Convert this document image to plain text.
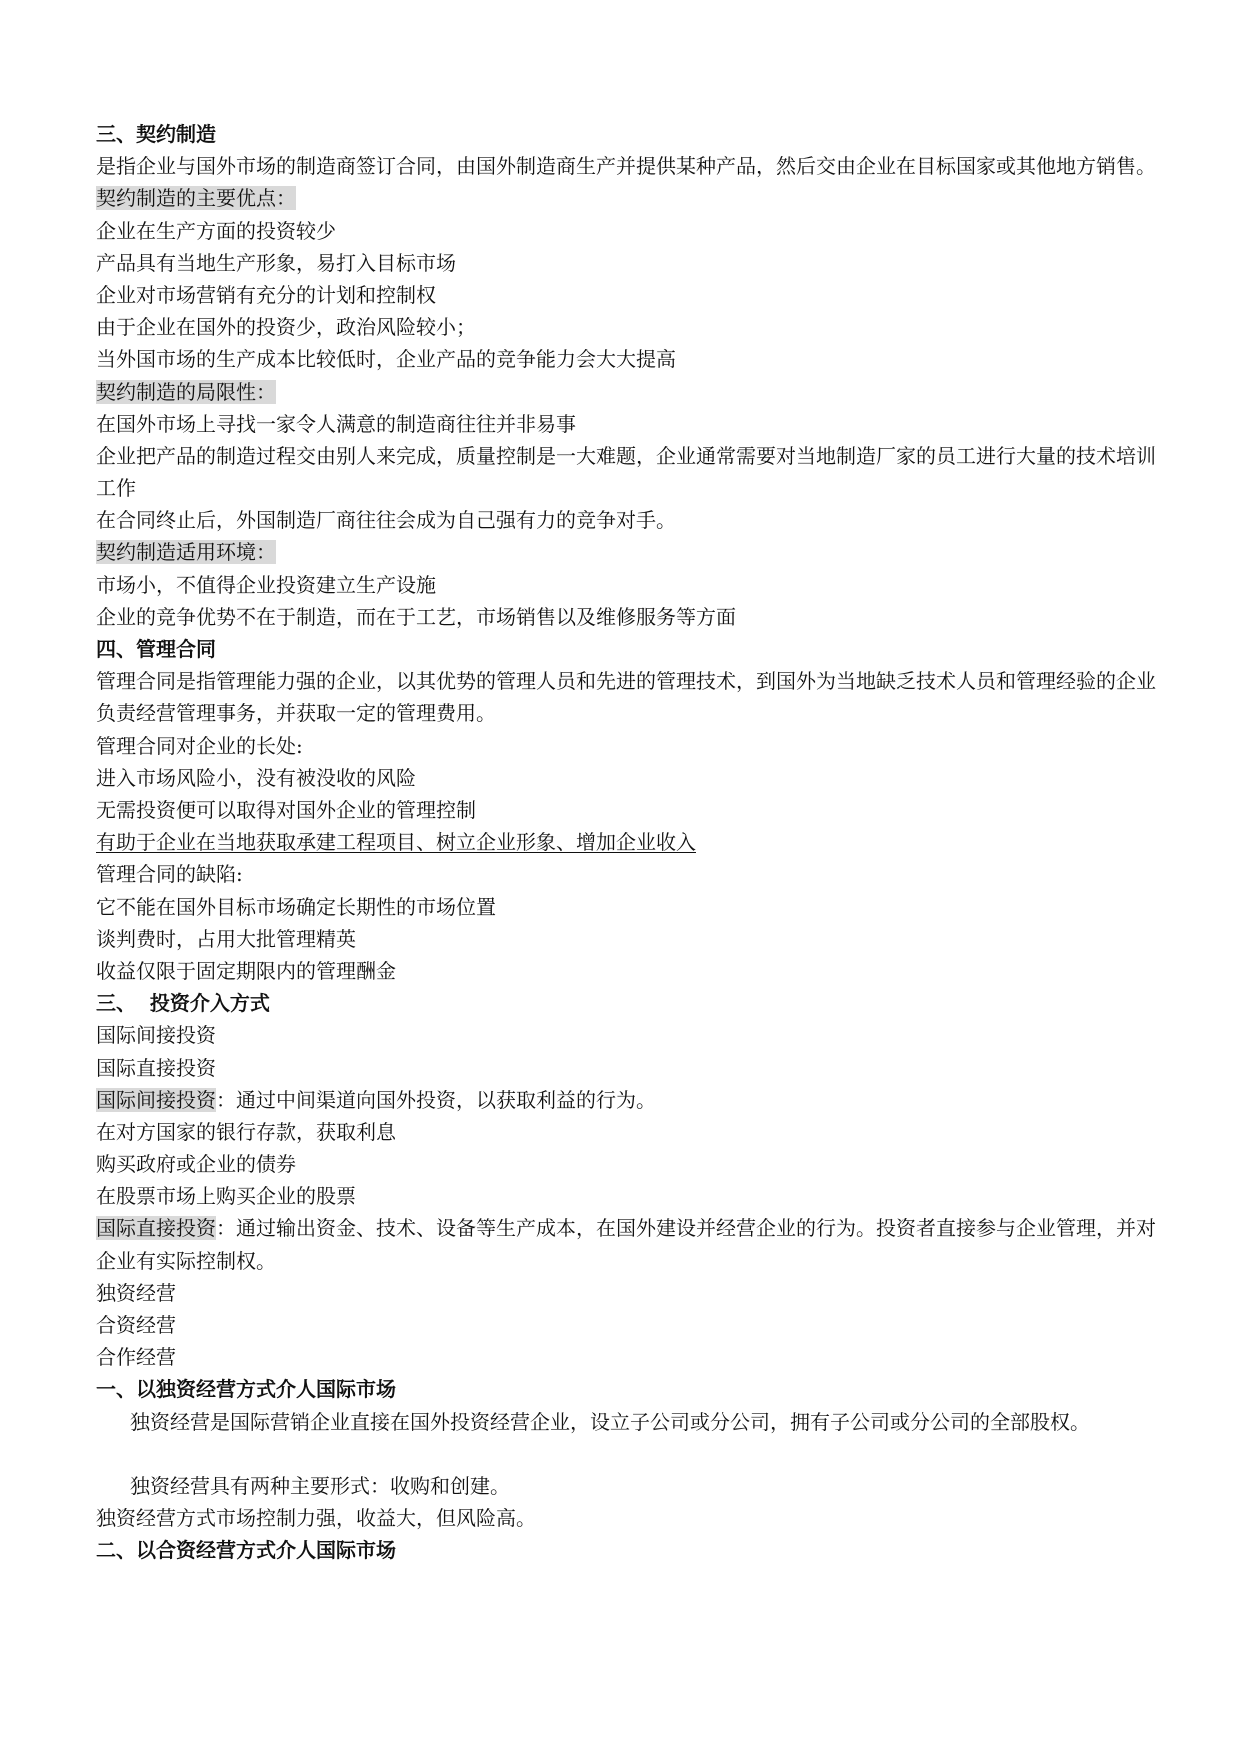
三、契约制造
是指企业与国外市场的制造商签订合同，由国外制造商生产并提供某种产品，然后交由企业在目标国家或其他地方销售。
契约制造的主要优点：
企业在生产方面的投资较少
产品具有当地生产形象，易打入目标市场
企业对市场营销有充分的计划和控制权
由于企业在国外的投资少，政治风险较小；
当外国市场的生产成本比较低时，企业产品的竞争能力会大大提高
契约制造的局限性：
在国外市场上寻找一家令人满意的制造商往往并非易事
企业把产品的制造过程交由别人来完成，质量控制是一大难题，企业通常需要对当地制造厂家的员工进行大量的技术培训工作
在合同终止后，外国制造厂商往往会成为自己强有力的竞争对手。
契约制造适用环境：
市场小，不值得企业投资建立生产设施
企业的竞争优势不在于制造，而在于工艺，市场销售以及维修服务等方面
四、管理合同
管理合同是指管理能力强的企业，以其优势的管理人员和先进的管理技术，到国外为当地缺乏技术人员和管理经验的企业负责经营管理事务，并获取一定的管理费用。
管理合同对企业的长处:
进入市场风险小，没有被没收的风险
无需投资便可以取得对国外企业的管理控制
有助于企业在当地获取承建工程项目、树立企业形象、增加企业收入
管理合同的缺陷:
它不能在国外目标市场确定长期性的市场位置
谈判费时，占用大批管理精英
收益仅限于固定期限内的管理酬金
三、  投资介入方式
国际间接投资
国际直接投资
国际间接投资：通过中间渠道向国外投资，以获取利益的行为。
在对方国家的银行存款，获取利息
购买政府或企业的债券
在股票市场上购买企业的股票
国际直接投资：通过输出资金、技术、设备等生产成本，在国外建设并经营企业的行为。投资者直接参与企业管理，并对企业有实际控制权。
独资经营
合资经营
合作经营
一、以独资经营方式介人国际市场
独资经营是国际营销企业直接在国外投资经营企业，设立子公司或分公司，拥有子公司或分公司的全部股权。
独资经营具有两种主要形式：收购和创建。
独资经营方式市场控制力强，收益大，但风险高。
二、以合资经营方式介人国际市场
